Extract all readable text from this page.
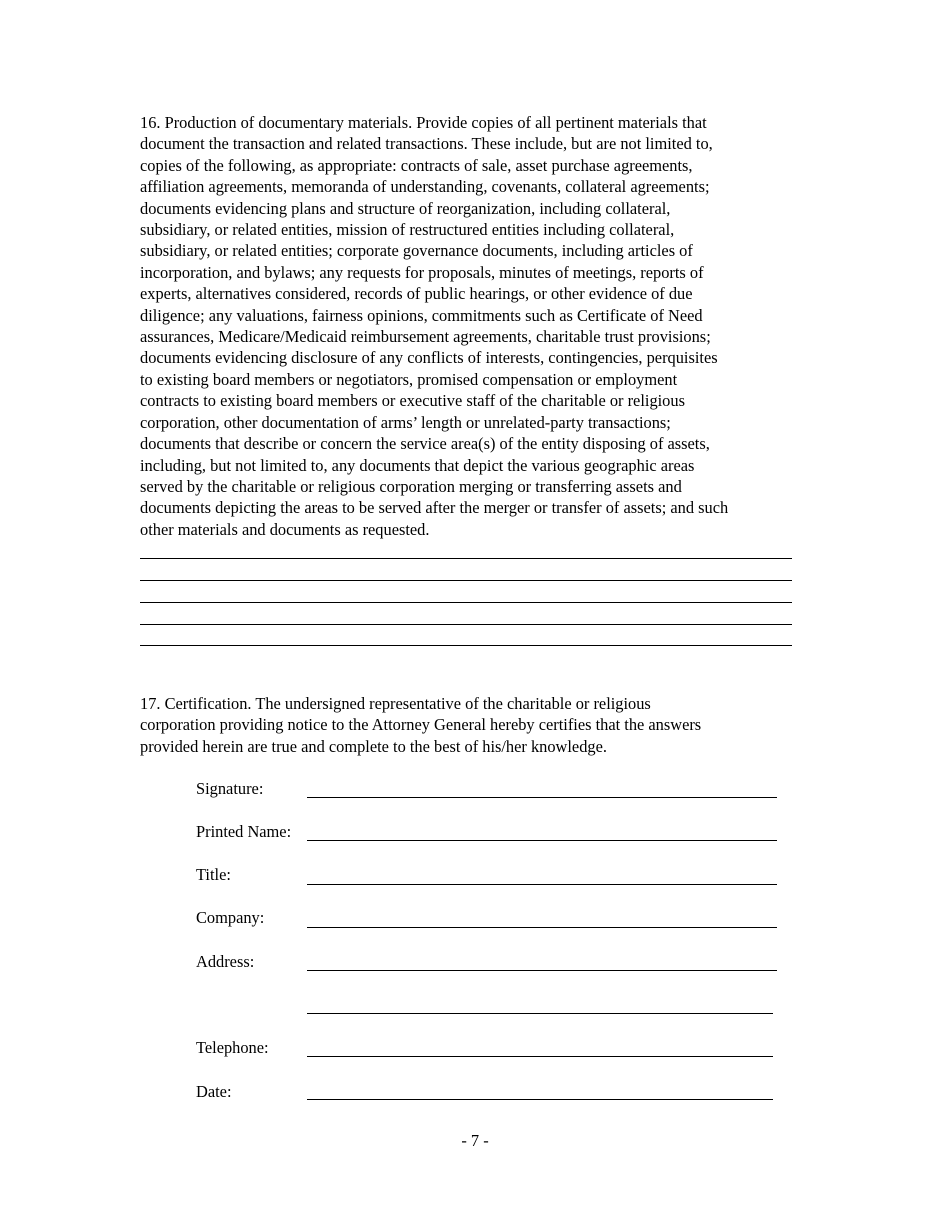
16. Production of documentary materials. Provide copies of all pertinent materials that
document the transaction and related transactions. These include, but are not limited to,
copies of the following, as appropriate: contracts of sale, asset purchase agreements,
affiliation agreements, memoranda of understanding, covenants, collateral agreements;
documents evidencing plans and structure of reorganization, including collateral,
subsidiary, or related entities, mission of restructured entities including collateral,
subsidiary, or related entities; corporate governance documents, including articles of
incorporation, and bylaws; any requests for proposals, minutes of meetings, reports of
experts, alternatives considered, records of public hearings, or other evidence of due
diligence; any valuations, fairness opinions, commitments such as Certificate of Need
assurances, Medicare/Medicaid reimbursement agreements, charitable trust provisions;
documents evidencing disclosure of any conflicts of interests, contingencies, perquisites
to existing board members or negotiators, promised compensation or employment
contracts to existing board members or executive staff of the charitable or religious
corporation, other documentation of arms’ length or unrelated-party transactions;
documents that describe or concern the service area(s) of the entity disposing of assets,
including, but not limited to, any documents that depict the various geographic areas
served by the charitable or religious corporation merging or transferring assets and
documents depicting the areas to be served after the merger or transfer of assets; and such
other materials and documents as requested.
17. Certification. The undersigned representative of the charitable or religious
corporation providing notice to the Attorney General hereby certifies that the answers
provided herein are true and complete to the best of his/her knowledge.
Signature:
Printed Name:
Title:
Company:
Address:
Telephone:
Date:
- 7 -
